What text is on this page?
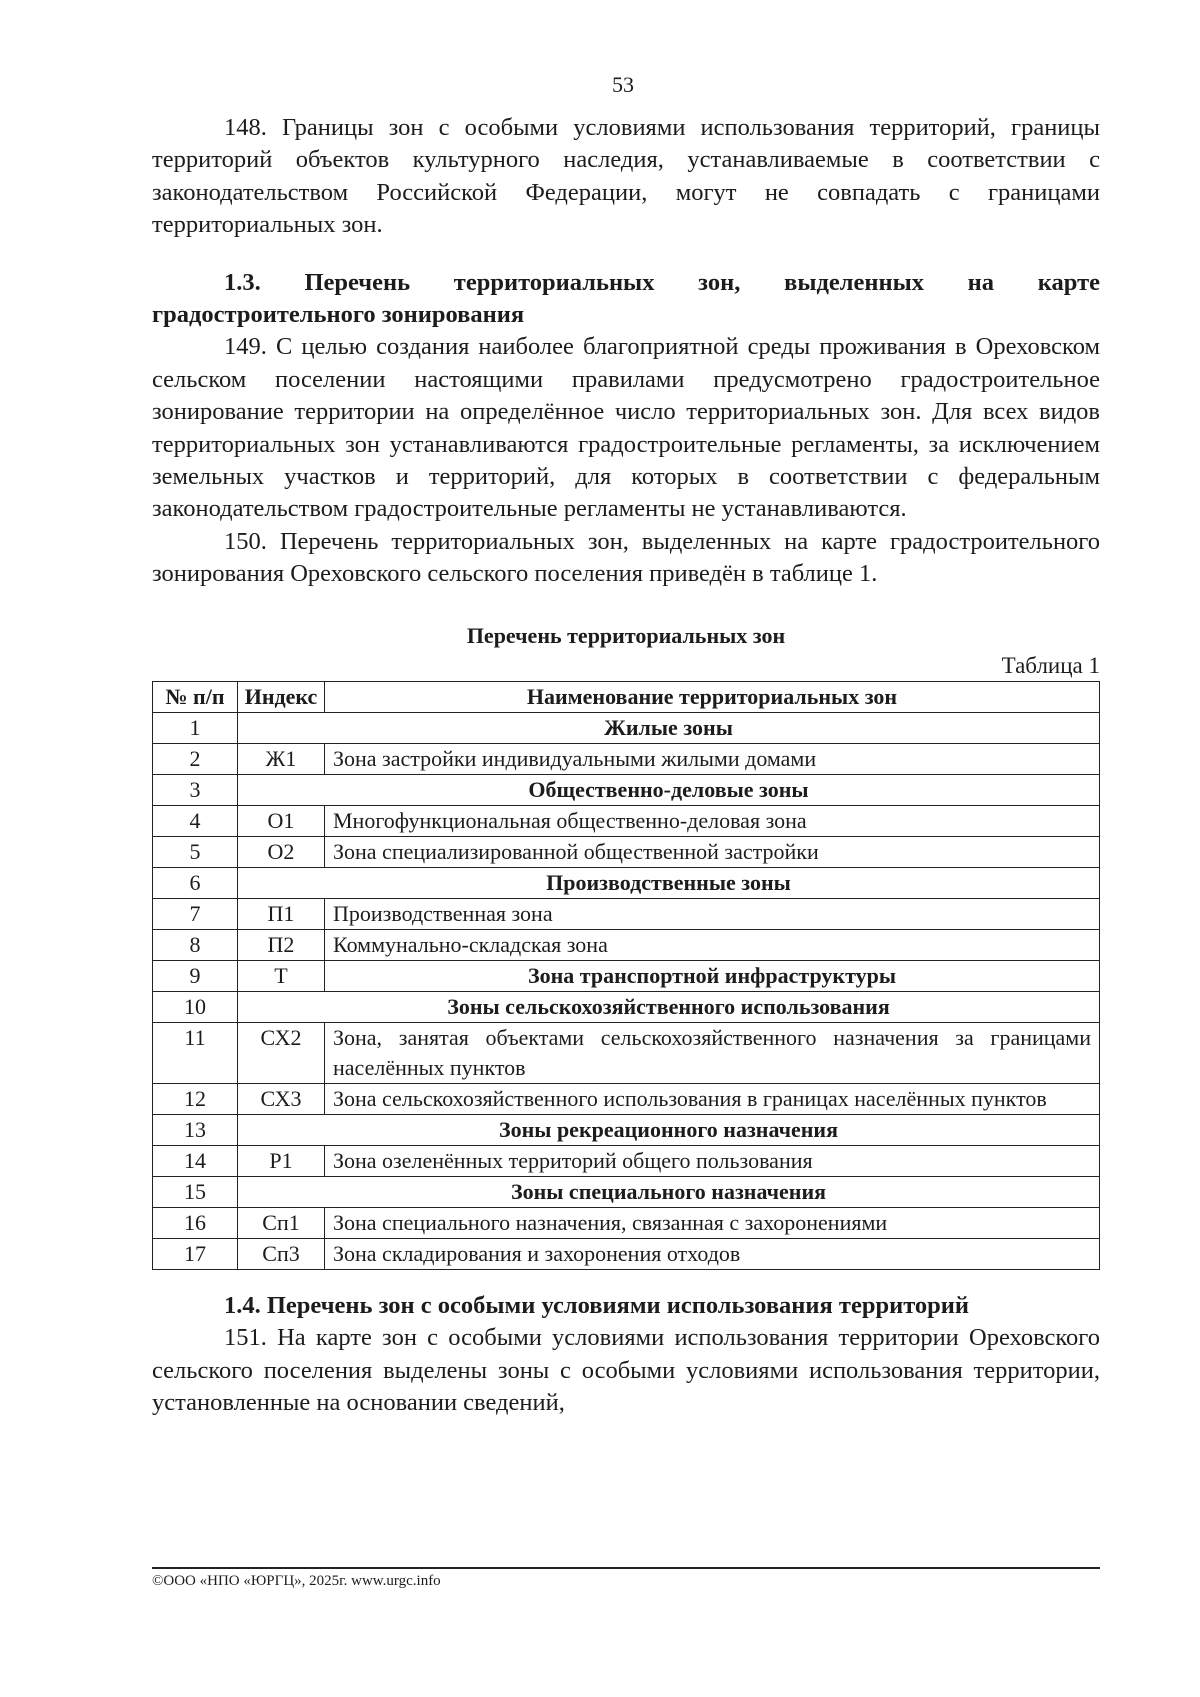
53

148. Границы зон с особыми условиями использования территорий, границы территорий объектов культурного наследия, устанавливаемые в соответствии с законодательством Российской Федерации, могут не совпадать с границами территориальных зон.

1.3. Перечень территориальных зон, выделенных на карте градостроительного зонирования

149. С целью создания наиболее благоприятной среды проживания в Ореховском сельском поселении настоящими правилами предусмотрено градостроительное зонирование территории на определённое число территориальных зон. Для всех видов территориальных зон устанавливаются градостроительные регламенты, за исключением земельных участков и территорий, для которых в соответствии с федеральным законодательством градостроительные регламенты не устанавливаются.

150. Перечень территориальных зон, выделенных на карте градостроительного зонирования Ореховского сельского поселения приведён в таблице 1.

Перечень территориальных зон
Таблица 1
№ п/п	Индекс	Наименование территориальных зон
1	Жилые зоны	
2	Ж1	Зона застройки индивидуальными жилыми домами
3	Общественно-деловые зоны	
4	О1	Многофункциональная общественно-деловая зона
5	О2	Зона специализированной общественной застройки
6	Производственные зоны	
7	П1	Производственная зона
8	П2	Коммунально-складская зона
9	Т	Зона транспортной инфраструктуры
10	Зоны сельскохозяйственного использования	
11	СХ2	Зона, занятая объектами сельскохозяйственного назначения за границами населённых пунктов
12	СХ3	Зона сельскохозяйственного использования в границах населённых пунктов
13	Зоны рекреационного назначения	
14	Р1	Зона озеленённых территорий общего пользования
15	Зоны специального назначения	
16	Сп1	Зона специального назначения, связанная с захоронениями
17	Сп3	Зона складирования и захоронения отходов

1.4. Перечень зон с особыми условиями использования территорий

151. На карте зон с особыми условиями использования территории Ореховского сельского поселения выделены зоны с особыми условиями использования территории, установленные на основании сведений,

©ООО «НПО «ЮРГЦ», 2025г. www.urgc.info
